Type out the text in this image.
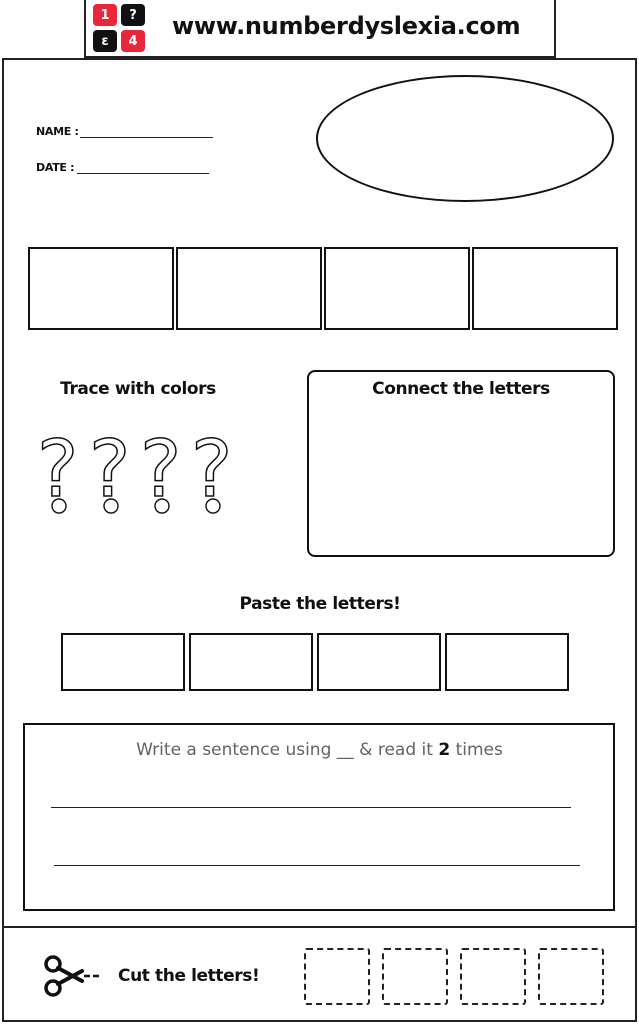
1	?
ε	4
www.numberdyslexia.com
NAME :
DATE :
Trace with colors
? ? ? ?
Connect the letters
Paste the letters!
Write a sentence using __ & read it 2 times
Cut the letters!
